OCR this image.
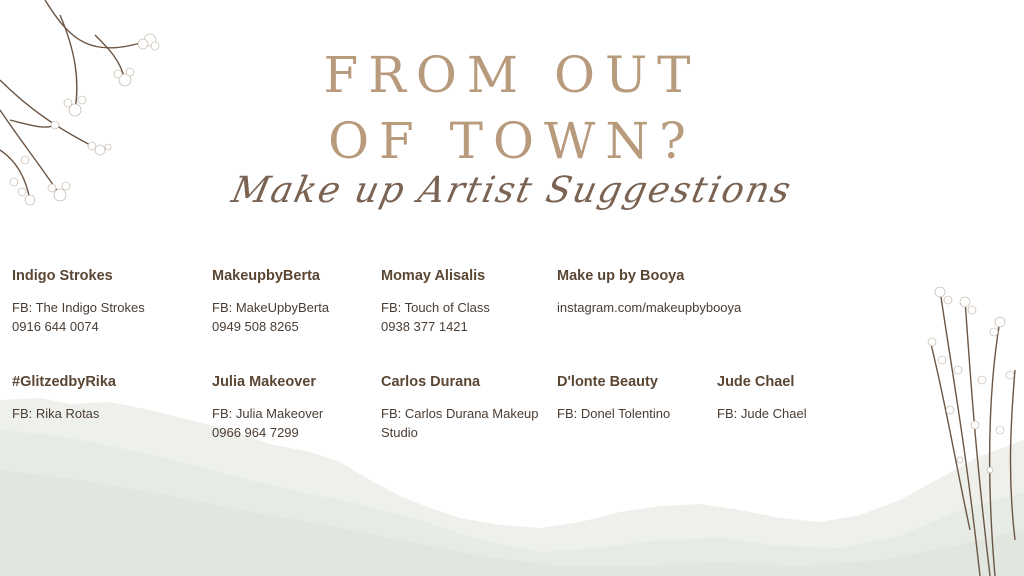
FROM OUT
OF TOWN?
Make up Artist Suggestions
Indigo Strokes
FB: The Indigo Strokes
0916 644 0074
MakeupbyBerta
FB: MakeUpbyBerta
0949 508 8265
Momay Alisalis
FB: Touch of Class
0938 377 1421
Make up by Booya
instagram.com/makeupbybooya
#GlitzedbyRika
FB: Rika Rotas
Julia Makeover
FB: Julia Makeover
0966 964 7299
Carlos Durana
FB: Carlos Durana Makeup
Studio
D'lonte Beauty
FB: Donel Tolentino
Jude Chael
FB: Jude Chael
